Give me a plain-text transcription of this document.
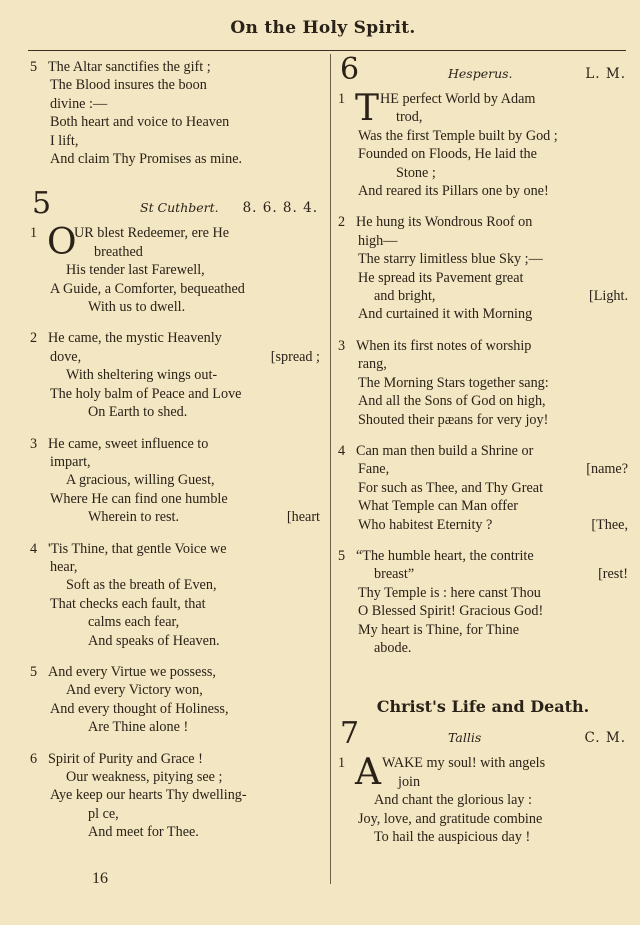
On the Holy Spirit.
5 The Altar sanctifies the gift ;
The Blood insures the boon
divine :—
Both heart and voice to Heaven
I lift,
And claim Thy Promises as mine.
5	St Cuthbert. 8. 6. 8. 4.
O
1	UR blest Redeemer, ere He
breathed
His tender last Farewell,
A Guide, a Comforter, bequeathed
With us to dwell.
2 He came, the mystic Heavenly
dove,	[spread ;
With sheltering wings out-
The holy balm of Peace and Love
On Earth to shed.
3 He came, sweet influence to
impart,
A gracious, willing Guest,
Where He can find one humble
Wherein to rest.	[heart
4 'Tis Thine, that gentle Voice we
hear,
Soft as the breath of Even,
That checks each fault, that
calms each fear,
And speaks of Heaven.
5 And every Virtue we possess,
And every Victory won,
And every thought of Holiness,
Are Thine alone !
6 Spirit of Purity and Grace !
Our weakness, pitying see ;
Aye keep our hearts Thy dwelling-
pl ce,
And meet for Thee.
16
6	Hesperus.	L. M.
T
1 HE perfect World by Adam
trod,
Was the first Temple built by God ;
Founded on Floods, He laid the
Stone ;
And reared its Pillars one by one!
2 He hung its Wondrous Roof on
high—
The starry limitless blue Sky ;—
He spread its Pavement great
and bright,	[Light.
And curtained it with Morning
3 When its first notes of worship
rang,
The Morning Stars together sang:
And all the Sons of God on high,
Shouted their pæans for very joy!
4 Can man then build a Shrine or
Fane,	[name?
For such as Thee, and Thy Great
What Temple can Man offer
Who habitest Eternity ?	[Thee,
5 “The humble heart, the contrite
breast”	[rest!
Thy Temple is : here canst Thou
O Blessed Spirit! Gracious God!
My heart is Thine, for Thine
abode.
Christ's Life and Death.
7	Tallis	C. M.
A
1	WAKE my soul! with angels
join
And chant the glorious lay :
Joy, love, and gratitude combine
To hail the auspicious day !
